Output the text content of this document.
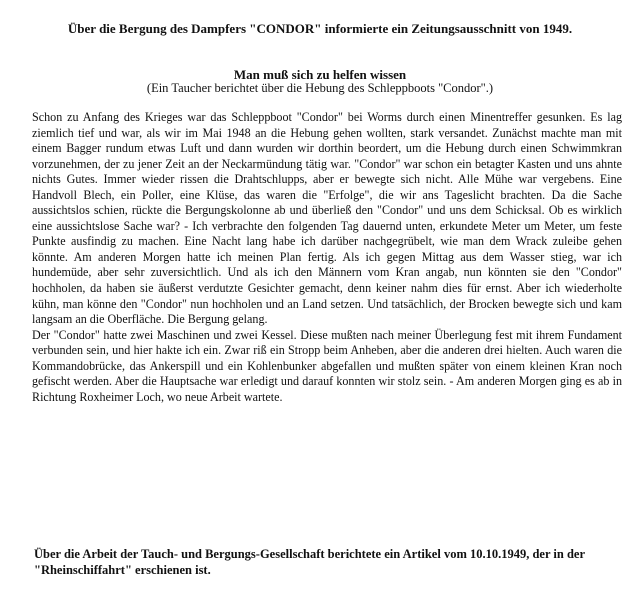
Über die Bergung des Dampfers "CONDOR" informierte ein Zeitungsausschnitt von 1949.
Man muß sich zu helfen wissen
(Ein Taucher berichtet über die Hebung des Schleppboots "Condor".)

Schon zu Anfang des Krieges war das Schleppboot "Condor" bei Worms durch einen Minentreffer gesunken. Es lag ziemlich tief und war, als wir im Mai 1948 an die Hebung gehen wollten, stark versandet. Zunächst machte man mit einem Bagger rundum etwas Luft und dann wurden wir dorthin beordert, um die Hebung durch einen Schwimmkran vorzunehmen, der zu jener Zeit an der Neckarmündung tätig war. "Condor" war schon ein betagter Kasten und uns ahnte nichts Gutes. Immer wieder rissen die Drahtschlupps, aber er bewegte sich nicht. Alle Mühe war vergebens. Eine Handvoll Blech, ein Poller, eine Klüse, das waren die "Erfolge", die wir ans Tageslicht brachten. Da die Sache aussichtslos schien, rückte die Bergungskolonne ab und überließ den "Condor" und uns dem Schicksal. Ob es wirklich eine aussichtslose Sache war? - Ich verbrachte den folgenden Tag dauernd unten, erkundete Meter um Meter, um feste Punkte ausfindig zu machen. Eine Nacht lang habe ich darüber nachgegrübelt, wie man dem Wrack zuleibe gehen könnte. Am anderen Morgen hatte ich meinen Plan fertig. Als ich gegen Mittag aus dem Wasser stieg, war ich hundemüde, aber sehr zuversichtlich. Und als ich den Männern vom Kran angab, nun könnten sie den "Condor" hochholen, da haben sie äußerst verdutzte Gesichter gemacht, denn keiner nahm dies für ernst. Aber ich wiederholte kühn, man könne den "Condor" nun hochholen und an Land setzen. Und tatsächlich, der Brocken bewegte sich und kam langsam an die Oberfläche. Die Bergung gelang.

Der "Condor" hatte zwei Maschinen und zwei Kessel. Diese mußten nach meiner Überlegung fest mit ihrem Fundament verbunden sein, und hier hakte ich ein. Zwar riß ein Stropp beim Anheben, aber die anderen drei hielten. Auch waren die Kommandobrücke, das Ankerspill und ein Kohlenbunker abgefallen und mußten später von einem kleinen Kran noch gefischt werden. Aber die Hauptsache war erledigt und darauf konnten wir stolz sein. - Am anderen Morgen ging es ab in Richtung Roxheimer Loch, wo neue Arbeit wartete.

Über die Arbeit der Tauch- und Bergungs-Gesellschaft berichtete ein Artikel vom 10.10.1949, der in der "Rheinschiffahrt" erschienen ist.
